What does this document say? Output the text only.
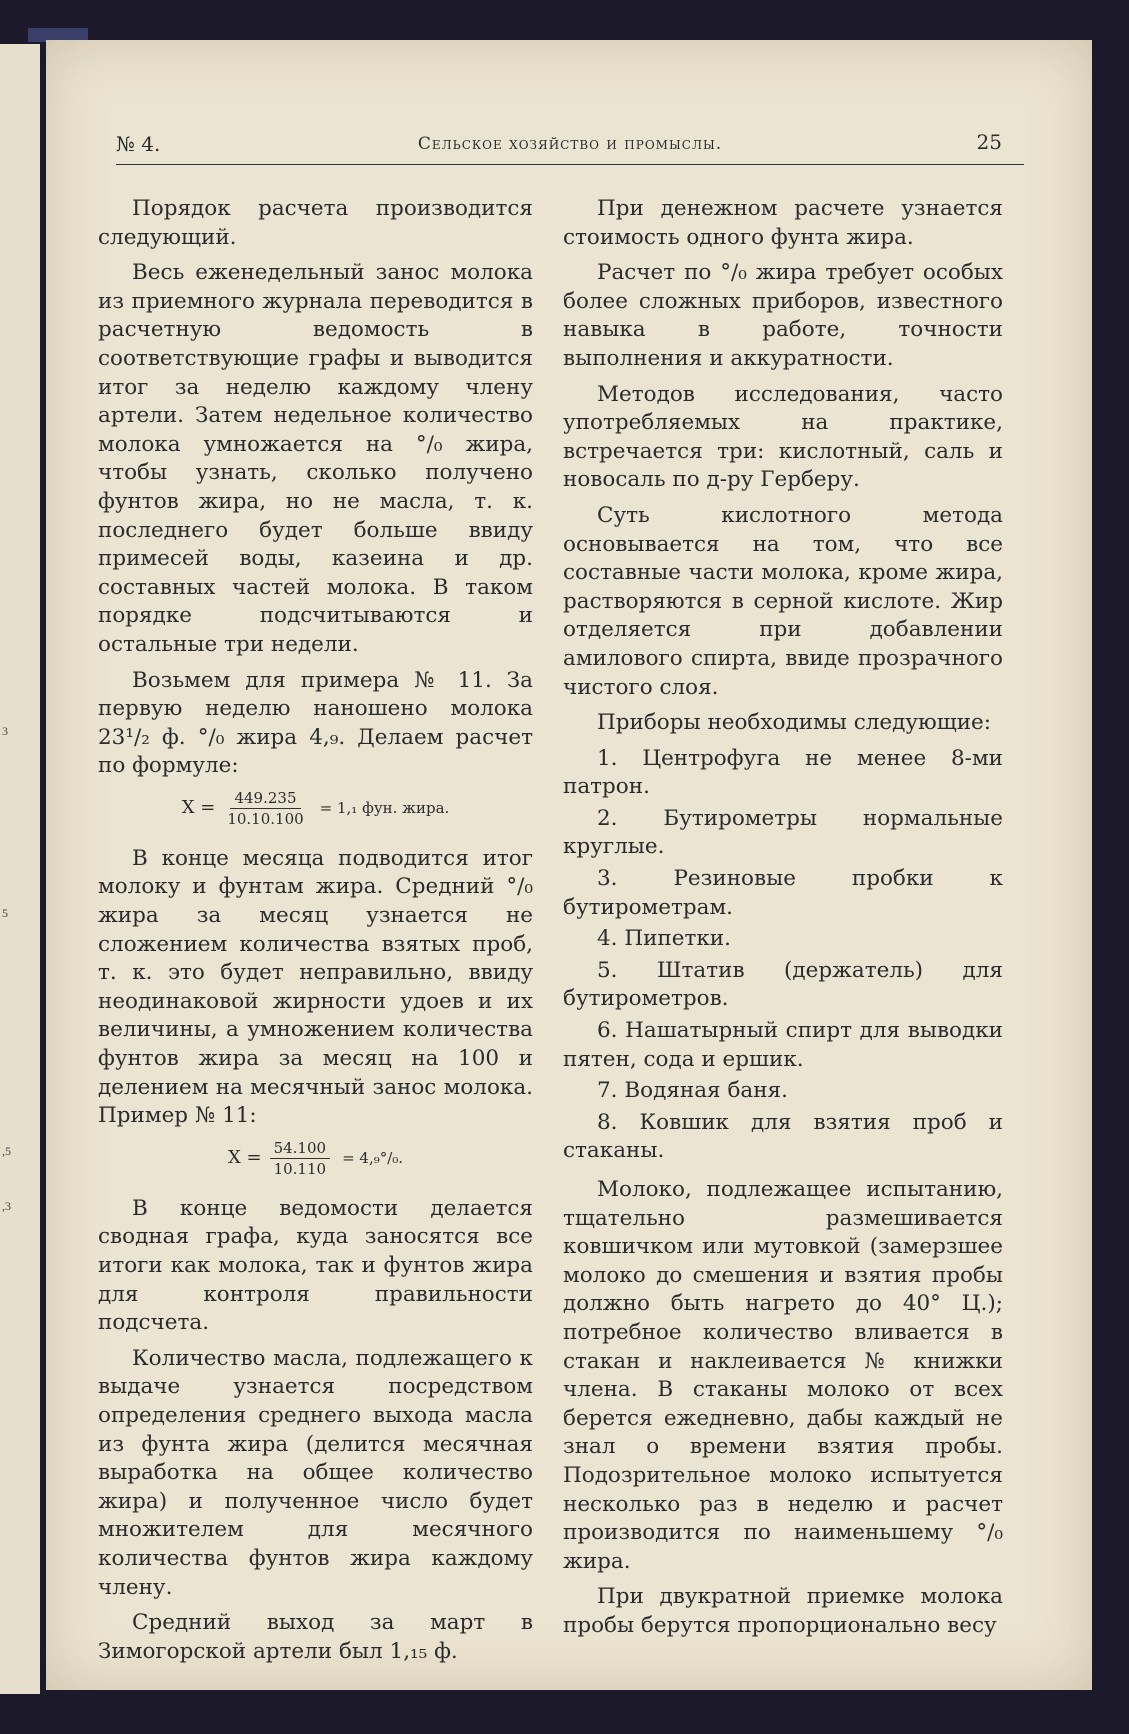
3
5
,5
,3
№ 4.	Сельское хозяйство и промыслы.	25

Порядок расчета производится следующий.

Весь еженедельный занос молока из приемного журнала переводится в расчетную ведомость в соответствующие графы и выводится итог за неделю каждому члену артели. Затем недельное количество молока умножается на °/₀ жира, чтобы узнать, сколько получено фунтов жира, но не масла, т. к. последнего будет больше ввиду примесей воды, казеина и др. составных частей молока. В таком порядке подсчитываются и остальные три недели.

Возьмем для примера № 11. За первую неделю наношено молока 23¹/₂ ф. °/₀ жира 4,₉. Делаем расчет по формуле:

$X = \frac{449.235}{10.10.100} = 1,_1$ фун. жира.

В конце месяца подводится итог молоку и фунтам жира. Средний °/₀ жира за месяц узнается не сложением количества взятых проб, т. к. это будет неправильно, ввиду неодинаковой жирности удоев и их величины, а умножением количества фунтов жира за месяц на 100 и делением на месячный занос молока. Пример № 11:

$X = \frac{54.100}{10.110} = 4,_9^\circ/_0$.

В конце ведомости делается сводная графа, куда заносятся все итоги как молока, так и фунтов жира для контроля правильности подсчета.

Количество масла, подлежащего к выдаче узнается посредством определения среднего выхода масла из фунта жира (делится месячная выработка на общее количество жира) и полученное число будет множителем для месячного количества фунтов жира каждому члену.

Средний выход за март в Зимогорской артели был 1,₁₅ ф.

При денежном расчете узнается стоимость одного фунта жира.

Расчет по °/₀ жира требует особых более сложных приборов, известного навыка в работе, точности выполнения и аккуратности.

Методов исследования, часто употребляемых на практике, встречается три: кислотный, саль и новосаль по д-ру Герберу.

Суть кислотного метода основывается на том, что все составные части молока, кроме жира, растворяются в серной кислоте. Жир отделяется при добавлении амилового спирта, ввиде прозрачного чистого слоя.

Приборы необходимы следующие:

1. Центрофуга не менее 8-ми патрон.

2. Бутирометры нормальные круглые.

3. Резиновые пробки к бутирометрам.

4. Пипетки.

5. Штатив (держатель) для бутирометров.

6. Нашатырный спирт для выводки пятен, сода и ершик.

7. Водяная баня.

8. Ковшик для взятия проб и стаканы.

Молоко, подлежащее испытанию, тщательно размешивается ковшичком или мутовкой (замерзшее молоко до смешения и взятия пробы должно быть нагрето до 40° Ц.); потребное количество вливается в стакан и наклеивается № книжки члена. В стаканы молоко от всех берется ежедневно, дабы каждый не знал о времени взятия пробы. Подозрительное молоко испытуется несколько раз в неделю и расчет производится по наименьшему °/₀ жира.

При двукратной приемке молока пробы берутся пропорционально весу
